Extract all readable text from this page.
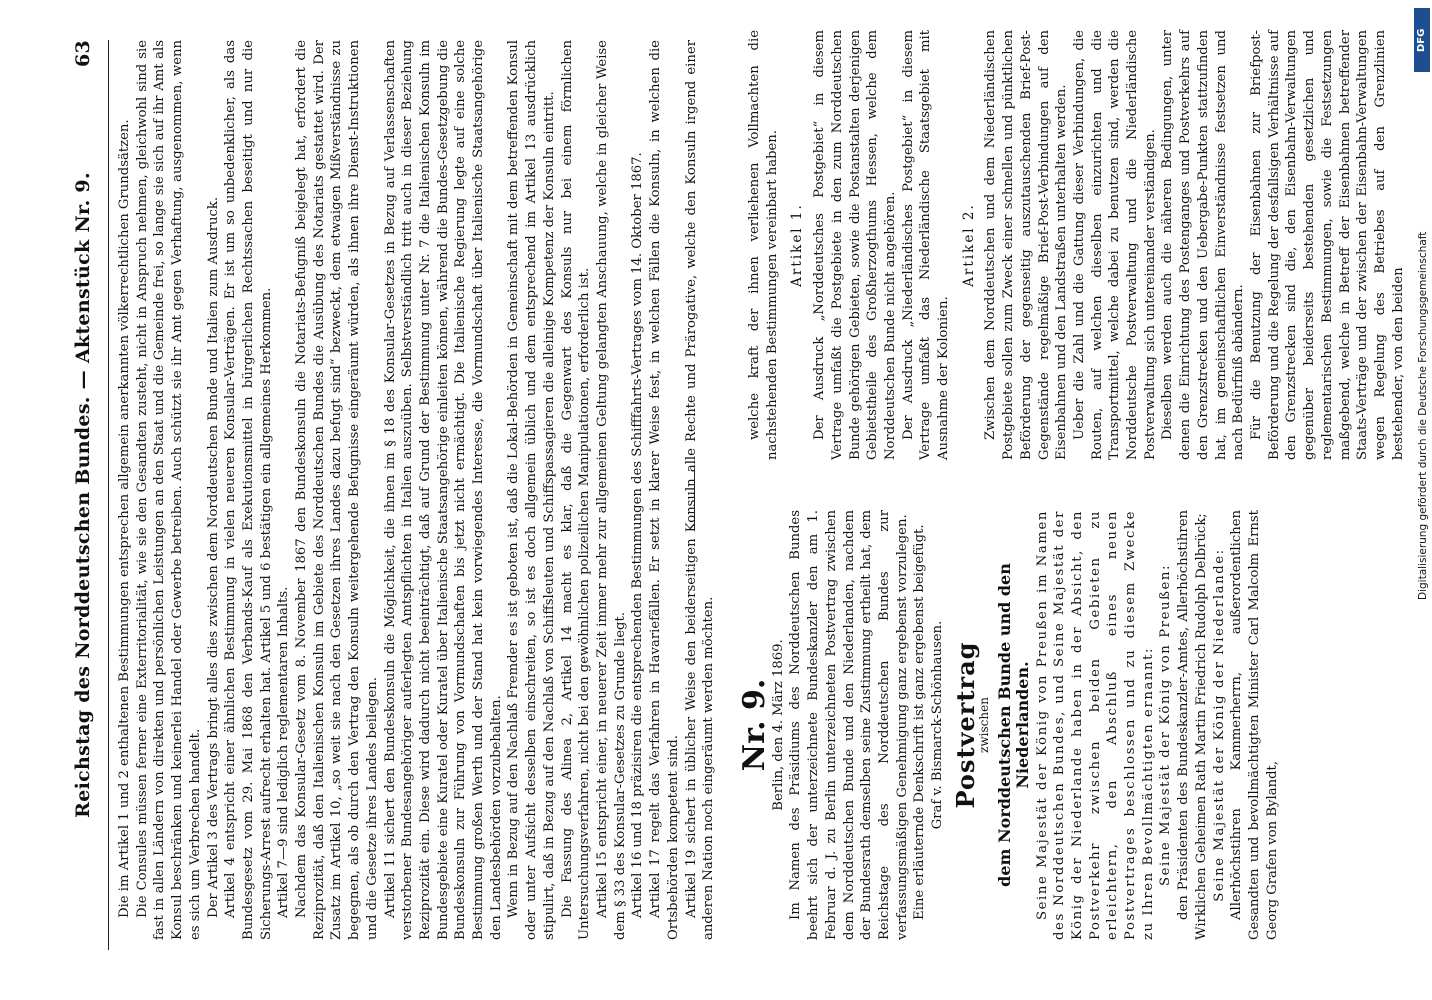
Reichstag des Norddeutschen Bundes. — Aktenstück Nr. 9.
63

Die im Artikel 1 und 2 enthaltenen Bestimmungen entsprechen allgemein anerkannten völkerrechtlichen Grundsätzen. Die Consules müssen ferner eine Exterritorialität, wie sie den Gesandten zusteht, nicht in Anspruch nehmen, gleichwohl sind sie fast in allen Ländern von direkten und persönlichen Leistungen an den Staat und die Gemeinde frei, so lange sie sich auf ihr Amt als Konsul beschränken und keinerlei Handel oder Gewerbe betreiben. Auch schützt sie ihr Amt gegen Verhaftung, ausgenommen, wenn es sich um Verbrechen handelt. Der Artikel 3 des Vertrags bringt alles dies zwischen dem Norddeutschen Bunde und Italien zum Ausdruck. Artikel 4 entspricht einer ähnlichen Bestimmung in vielen neueren Konsular-Verträgen. Er ist um so unbedenklicher, als das Bundesgesetz vom 29. Mai 1868 den Verbands-Kauf als Exekutionsmittel in bürgerlichen Rechtssachen beseitigt und nur die Sicherungs-Arrest aufrecht erhalten hat. Artikel 5 und 6 bestätigen ein allgemeines Herkommen. Artikel 7—9 sind lediglich reglementaren Inhalts. Nachdem das Konsular-Gesetz vom 8. November 1867 den Bundeskonsuln die Notariats-Befugniß beigelegt hat, erfordert die Reziprozität, daß den Italienischen Konsuln im Gebiete des Norddeutschen Bundes die Ausübung des Notariats gestattet wird. Der Zusatz im Artikel 10, „so weit sie nach den Gesetzen ihres Landes dazu befugt sind“ bezweckt, dem etwaigen Mißverständnisse zu begegnen, als ob durch den Vertrag den Konsuln weitergehende Befugnisse eingeräumt würden, als ihnen ihre Dienst-Instruktionen und die Gesetze ihres Landes beilegen. Artikel 11 sichert den Bundeskonsuln die Möglichkeit, die ihnen im § 18 des Konsular-Gesetzes in Bezug auf Verlassenschaften verstorbener Bundesangehöriger auferlegten Amtspflichten in Italien auszuüben. Selbstverständlich tritt auch in dieser Beziehung Reziprozität ein. Diese wird dadurch nicht beeinträchtigt, daß auf Grund der Bestimmung unter Nr. 7 die Italienischen Konsuln im Bundesgebiete eine Kuratel oder Kuratel über Italienische Staatsangehörige einleiten können, während die Bundes-Gesetzgebung die Bundeskonsuln zur Führung von Vormundschaften bis jetzt nicht ermächtigt. Die Italienische Regierung legte auf eine solche Bestimmung großen Werth und der Stand hat kein vorwiegendes Interesse, die Vormundschaft über Italienische Staatsangehörige den Landesbehörden vorzubehalten. Wenn in Bezug auf den Nachlaß Fremder es ist geboten ist, daß die Lokal-Behörden in Gemeinschaft mit dem betreffenden Konsul oder unter Aufsicht desselben einschreiten, so ist es doch allgemein üblich und dem entsprechend im Artikel 13 ausdrücklich stipulirt, daß in Bezug auf den Nachlaß von Schiffsleuten und Schiffspassagieren die alleinige Kompetenz der Konsuln eintritt. Die Fassung des Alinea 2, Artikel 14 macht es klar, daß die Gegenwart des Konsuls nur bei einem förmlichen Untersuchungsverfahren, nicht bei den gewöhnlichen polizeilichen Manipulationen, erforderlich ist. Artikel 15 entspricht einer, in neuerer Zeit immer mehr zur allgemeinen Geltung gelangten Anschauung, welche in gleicher Weise dem § 33 des Konsular-Gesetzes zu Grunde liegt. Artikel 16 und 18 präzisiren die entsprechenden Bestimmungen des Schifffahrts-Vertrages vom 14. Oktober 1867. Artikel 17 regelt das Verfahren in Havariefällen. Er setzt in klarer Weise fest, in welchen Fällen die Konsuln, in welchen die Ortsbehörden kompetent sind. Artikel 19 sichert in üblicher Weise den beiderseitigen Konsuln alle Rechte und Prärogative, welche den Konsuln irgend einer anderen Nation noch eingeräumt werden möchten. Nr. 9.

Berlin, den 4. März 1869. Im Namen des Präsidiums des Norddeutschen Bundes beehrt sich der unterzeichnete Bundeskanzler den am 1. Februar d. J. zu Berlin unterzeichneten Postvertrag zwischen dem Norddeutschen Bunde und den Niederlanden, nachdem der Bundesrath demselben seine Zustimmung ertheilt hat, dem Reichstage des Norddeutschen Bundes zur verfassungsmäßigen Genehmigung ganz ergebenst vorzulegen. Eine erläuternde Denkschrift ist ganz ergebenst beigefügt. Graf v. Bismarck-Schönhausen. Postvertrag
zwischen dem Norddeutschen Bunde und den Niederlanden. Seine Majestät der König von Preußen im Namen des Norddeutschen Bundes, und Seine Majestät der König der Niederlande haben in der Absicht, den Postverkehr zwischen beiden Gebieten zu erleichtern, den Abschluß eines neuen Postvertrages beschlossen und zu diesem Zwecke zu Ihren Bevollmächtigten ernannt: Seine Majestät der König von Preußen: den Präsidenten des Bundeskanzler-Amtes, Allerhöchstihren Wirklichen Geheimen Rath Martin Friedrich Rudolph Delbrück; Seine Majestät der König der Niederlande: Allerhöchstihren Kammerherrn, außerordentlichen Gesandten und bevollmächtigten Minister Carl Malcolm Ernst Georg Grafen von Bylandt,

welche kraft der ihnen verliehenen Vollmachten die nachstehenden Bestimmungen vereinbart haben. Artikel 1. Der Ausdruck „Norddeutsches Postgebiet“ in diesem Vertrage umfaßt die Postgebiete in den zum Norddeutschen Bunde gehörigen Gebieten, sowie die Postanstalten derjenigen Gebietstheile des Großherzogthums Hessen, welche dem Norddeutschen Bunde nicht angehören. Der Ausdruck „Niederländisches Postgebiet“ in diesem Vertrage umfaßt das Niederländische Staatsgebiet mit Ausnahme der Kolonien.

Artikel 2. Zwischen dem Norddeutschen und dem Niederländischen Postgebiete sollen zum Zweck einer schnellen und pünktlichen Beförderung der gegenseitig auszutauschenden Brief-Post-Gegenstände regelmäßige Brief-Post-Verbindungen auf den Eisenbahnen und den Landstraßen unterhalten werden. Ueber die Zahl und die Gattung dieser Verbindungen, die Routen, auf welchen dieselben einzurichten und die Transportmittel, welche dabei zu benutzen sind, werden die Norddeutsche Postverwaltung und die Niederländische Postverwaltung sich untereinander verständigen. Dieselben werden auch die näheren Bedingungen, unter denen die Einrichtung des Postenganges und Postverkehrs auf den Grenzstrecken und den Uebergabe-Punkten stattzufinden hat, im gemeinschaftlichen Einverständnisse festsetzen und nach Bedürfniß abändern. Für die Benutzung der Eisenbahnen zur Briefpost-Beförderung und die Regelung der desfallsigen Verhältnisse auf den Grenzstrecken sind die, den Eisenbahn-Verwaltungen gegenüber beiderseits bestehenden gesetzlichen und reglementarischen Bestimmungen, sowie die Festsetzungen maßgebend, welche in Betreff der Eisenbahnen betreffender Staats-Verträge und der zwischen der Eisenbahn-Verwaltungen wegen Regelung des Betriebes auf den Grenzlinien bestehender, von den beiden

DFG
Digitalisierung gefördert durch die Deutsche Forschungsgemeinschaft
